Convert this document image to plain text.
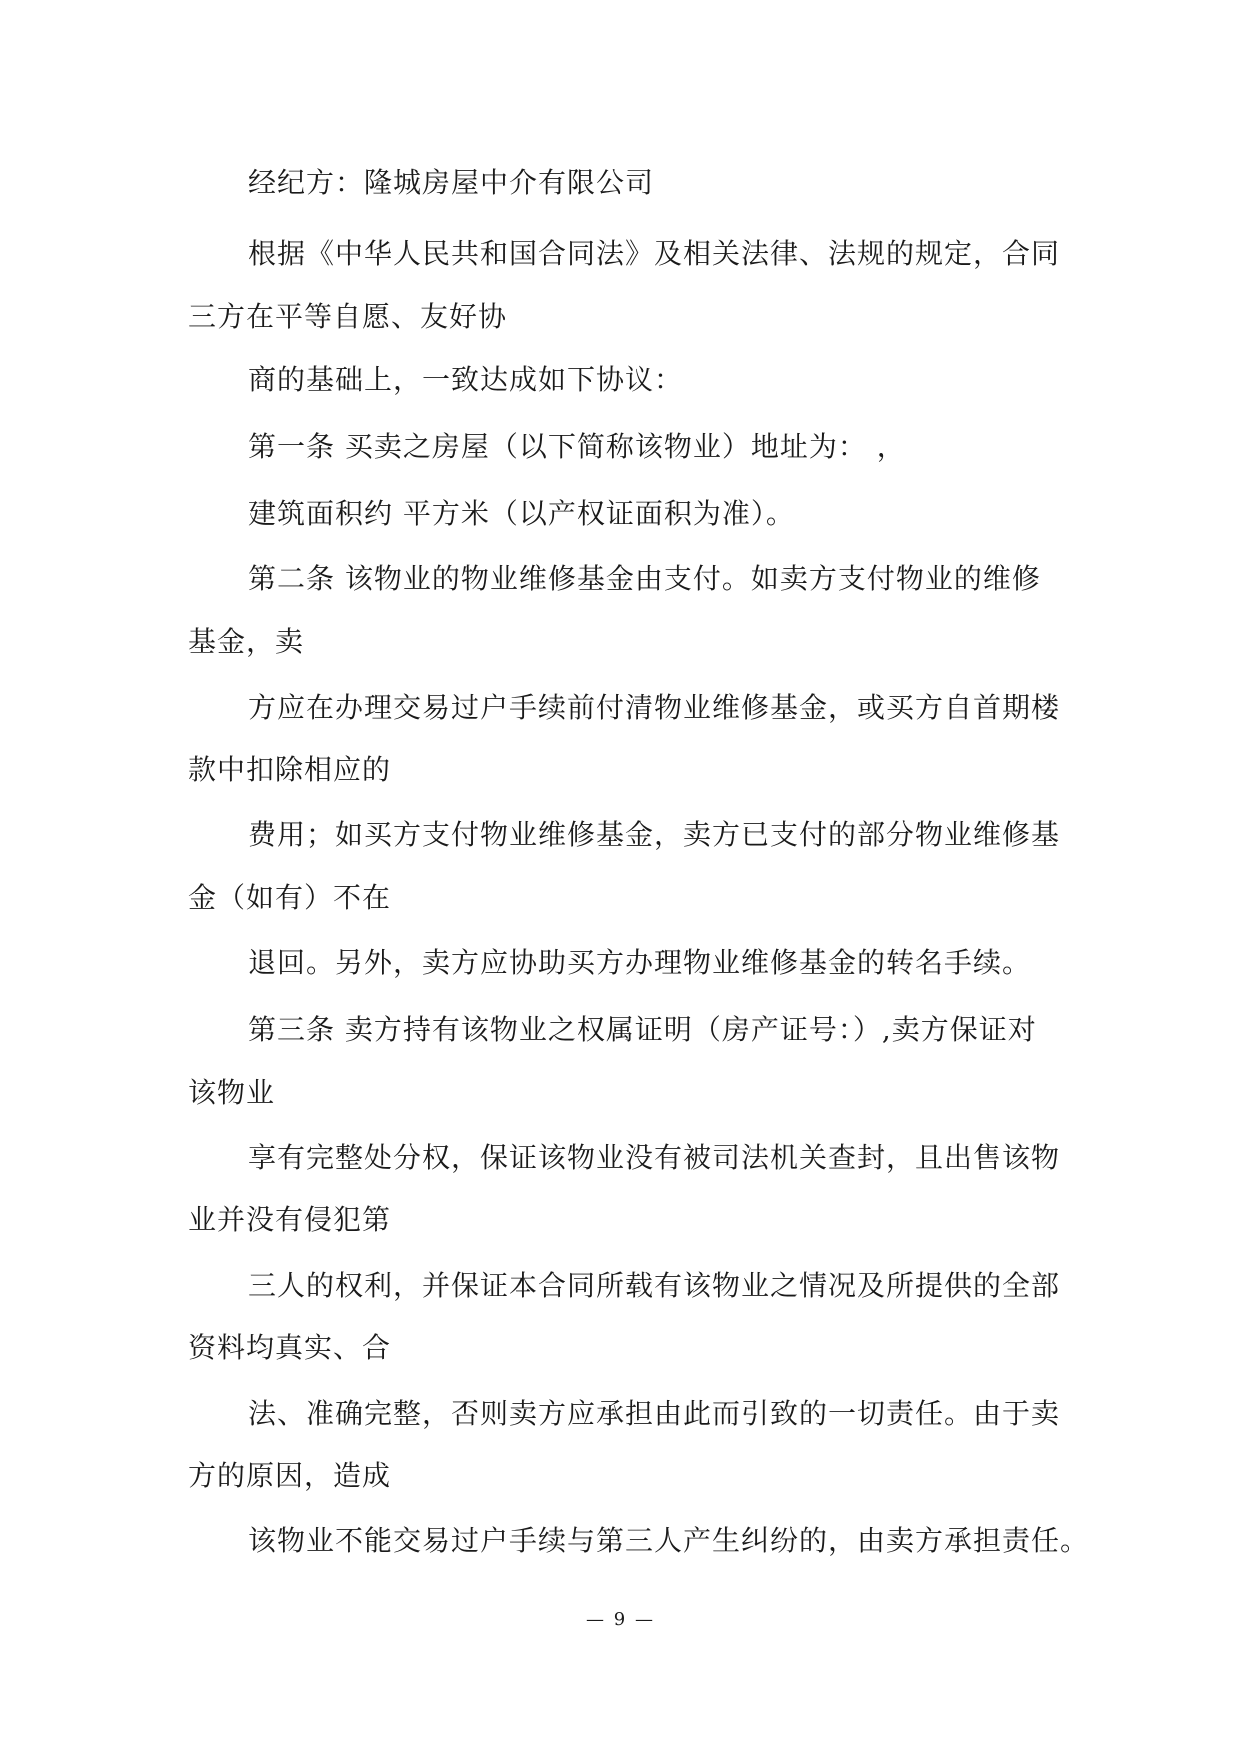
经纪方：隆城房屋中介有限公司
根据《中华人民共和国合同法》及相关法律、法规的规定，合同
三方在平等自愿、友好协
商的基础上，一致达成如下协议：
第一条 买卖之房屋（以下简称该物业）地址为： ，
建筑面积约 平方米（以产权证面积为准）。
第二条 该物业的物业维修基金由支付。如卖方支付物业的维修
基金，卖
方应在办理交易过户手续前付清物业维修基金，或买方自首期楼
款中扣除相应的
费用；如买方支付物业维修基金，卖方已支付的部分物业维修基
金（如有）不在
退回。另外，卖方应协助买方办理物业维修基金的转名手续。
第三条 卖方持有该物业之权属证明（房产证号：）,卖方保证对
该物业
享有完整处分权，保证该物业没有被司法机关查封，且出售该物
业并没有侵犯第
三人的权利，并保证本合同所载有该物业之情况及所提供的全部
资料均真实、合
法、准确完整，否则卖方应承担由此而引致的一切责任。由于卖
方的原因，造成
该物业不能交易过户手续与第三人产生纠纷的，由卖方承担责任。
— 9 —
